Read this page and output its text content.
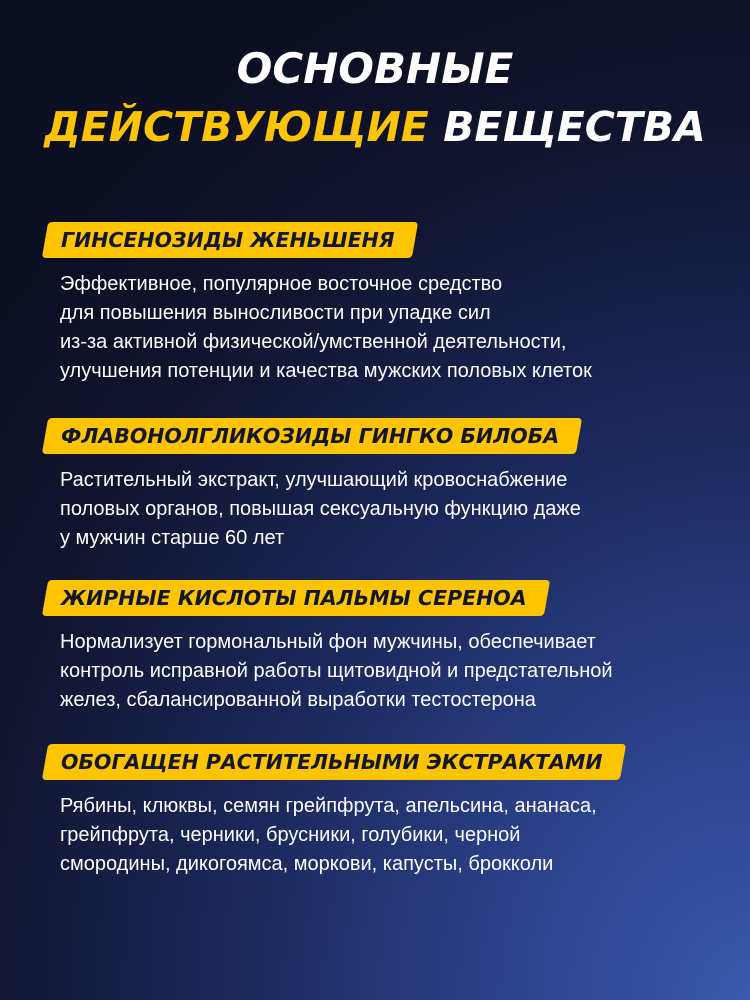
ОСНОВНЫЕ
ДЕЙСТВУЮЩИЕ ВЕЩЕСТВА
ГИНСЕНОЗИДЫ ЖЕНЬШЕНЯ
Эффективное, популярное восточное средство
для повышения выносливости при упадке сил
из-за активной физической/умственной деятельности,
улучшения потенции и качества мужских половых клеток
ФЛАВОНОЛГЛИКОЗИДЫ ГИНГКО БИЛОБА
Растительный экстракт, улучшающий кровоснабжение
половых органов, повышая сексуальную функцию даже
у мужчин старше 60 лет
ЖИРНЫЕ КИСЛОТЫ ПАЛЬМЫ СЕРЕНОА
Нормализует гормональный фон мужчины, обеспечивает
контроль исправной работы щитовидной и предстательной
желез, сбалансированной выработки тестостерона
ОБОГАЩЕН РАСТИТЕЛЬНЫМИ ЭКСТРАКТАМИ
Рябины, клюквы, семян грейпфрута, апельсина, ананаса,
грейпфрута, черники, брусники, голубики, черной
смородины, дикогоямса, моркови, капусты, брокколи
